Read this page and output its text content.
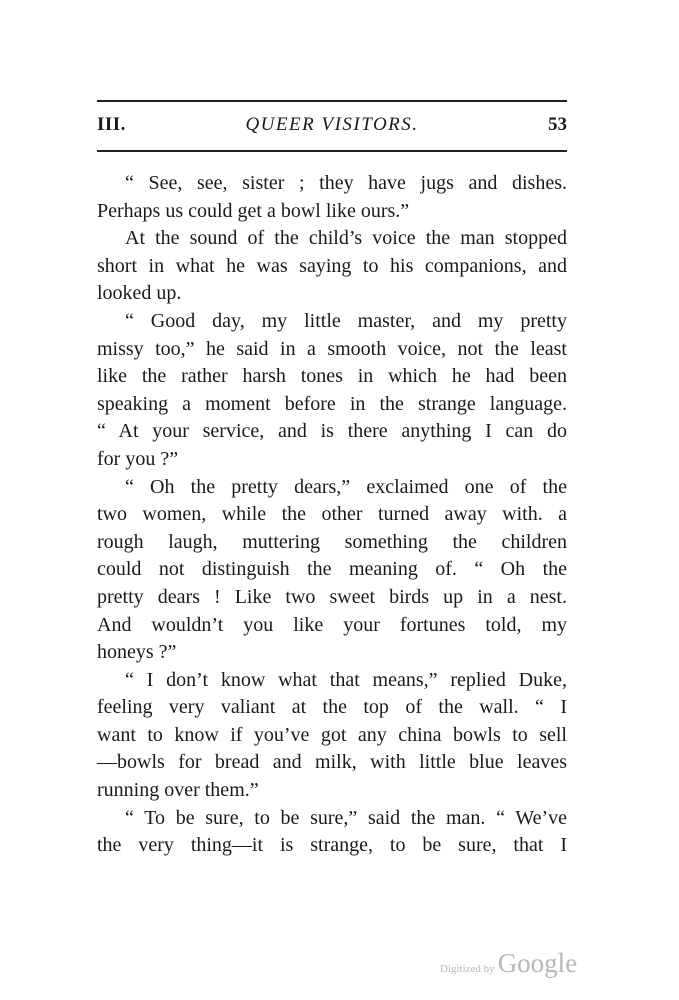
III.	QUEER VISITORS.	53
“ See, see, sister ; they have jugs and dishes.
Perhaps us could get a bowl like ours.”
At the sound of the child’s voice the man stopped
short in what he was saying to his companions, and
looked up.
“ Good day, my little master, and my pretty
missy too,” he said in a smooth voice, not the least
like the rather harsh tones in which he had been
speaking a moment before in the strange language.
“ At your service, and is there anything I can do
for you ?”
“ Oh the pretty dears,” exclaimed one of the
two women, while the other turned away with. a
rough laugh, muttering something the children
could not distinguish the meaning of. “ Oh the
pretty dears ! Like two sweet birds up in a nest.
And wouldn’t you like your fortunes told, my
honeys ?”
“ I don’t know what that means,” replied Duke,
feeling very valiant at the top of the wall. “ I
want to know if you’ve got any china bowls to sell
—bowls for bread and milk, with little blue leaves
running over them.”
“ To be sure, to be sure,” said the man. “ We’ve
the very thing—it is strange, to be sure, that I
Digitized by Google
